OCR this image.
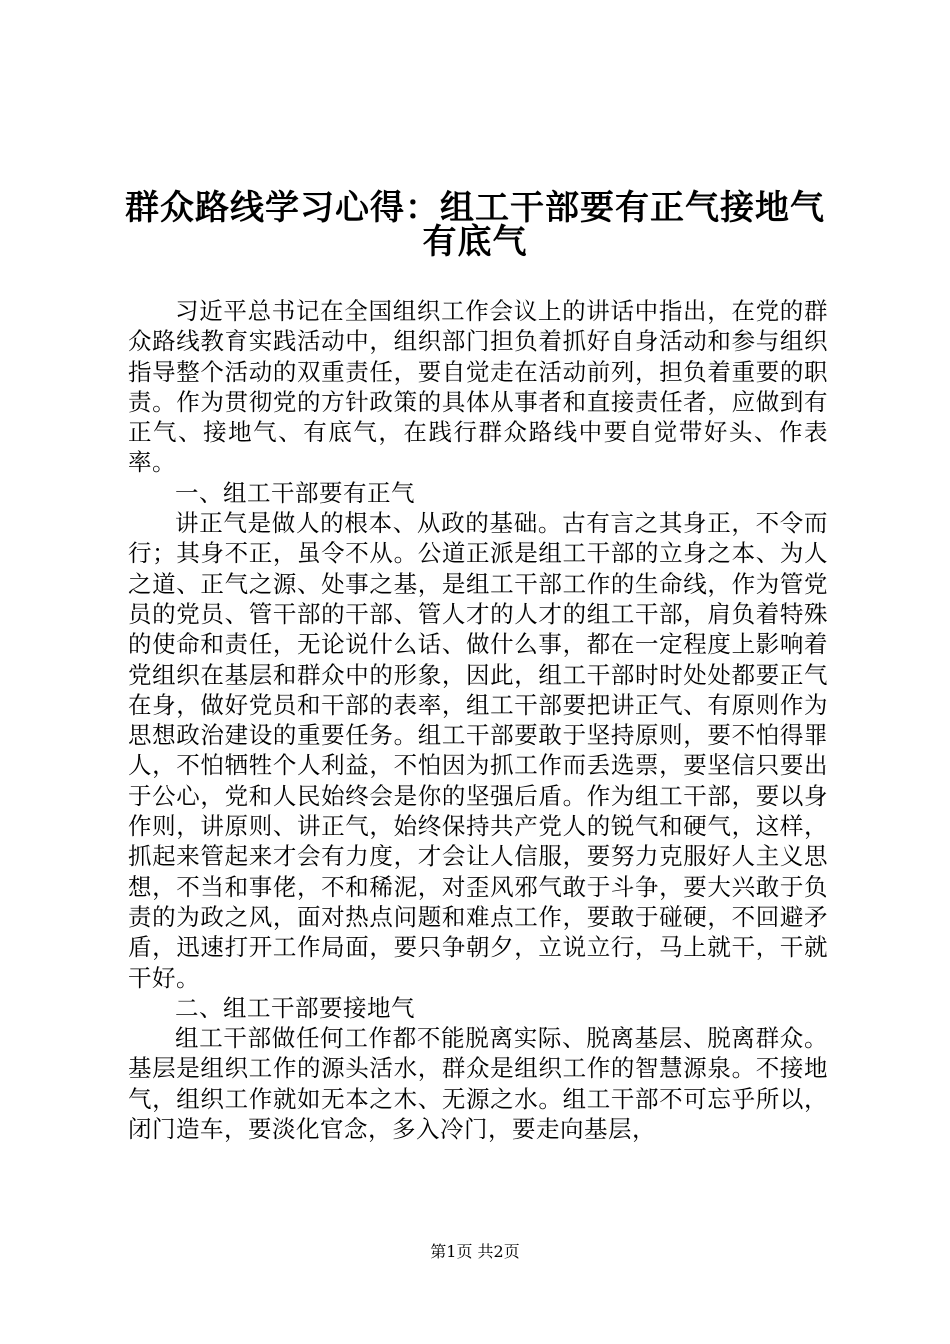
群众路线学习心得：组工干部要有正气接地气
有底气

习近平总书记在全国组织工作会议上的讲话中指出，在党的群众路线教育实践活动中，组织部门担负着抓好自身活动和参与组织指导整个活动的双重责任，要自觉走在活动前列，担负着重要的职责。作为贯彻党的方针政策的具体从事者和直接责任者，应做到有正气、接地气、有底气，在践行群众路线中要自觉带好头、作表率。

一、组工干部要有正气

讲正气是做人的根本、从政的基础。古有言之其身正，不令而行；其身不正，虽令不从。公道正派是组工干部的立身之本、为人之道、正气之源、处事之基，是组工干部工作的生命线，作为管党员的党员、管干部的干部、管人才的人才的组工干部，肩负着特殊的使命和责任，无论说什么话、做什么事，都在一定程度上影响着党组织在基层和群众中的形象，因此，组工干部时时处处都要正气在身，做好党员和干部的表率，组工干部要把讲正气、有原则作为思想政治建设的重要任务。组工干部要敢于坚持原则，要不怕得罪人，不怕牺牲个人利益，不怕因为抓工作而丢选票，要坚信只要出于公心，党和人民始终会是你的坚强后盾。作为组工干部，要以身作则，讲原则、讲正气，始终保持共产党人的锐气和硬气，这样，抓起来管起来才会有力度，才会让人信服，要努力克服好人主义思想，不当和事佬，不和稀泥，对歪风邪气敢于斗争，要大兴敢于负责的为政之风，面对热点问题和难点工作，要敢于碰硬，不回避矛盾，迅速打开工作局面，要只争朝夕，立说立行，马上就干，干就干好。

二、组工干部要接地气

组工干部做任何工作都不能脱离实际、脱离基层、脱离群众。基层是组织工作的源头活水，群众是组织工作的智慧源泉。不接地气，组织工作就如无本之木、无源之水。组工干部不可忘乎所以，闭门造车，要淡化官念，多入冷门，要走向基层，

第1页 共2页
